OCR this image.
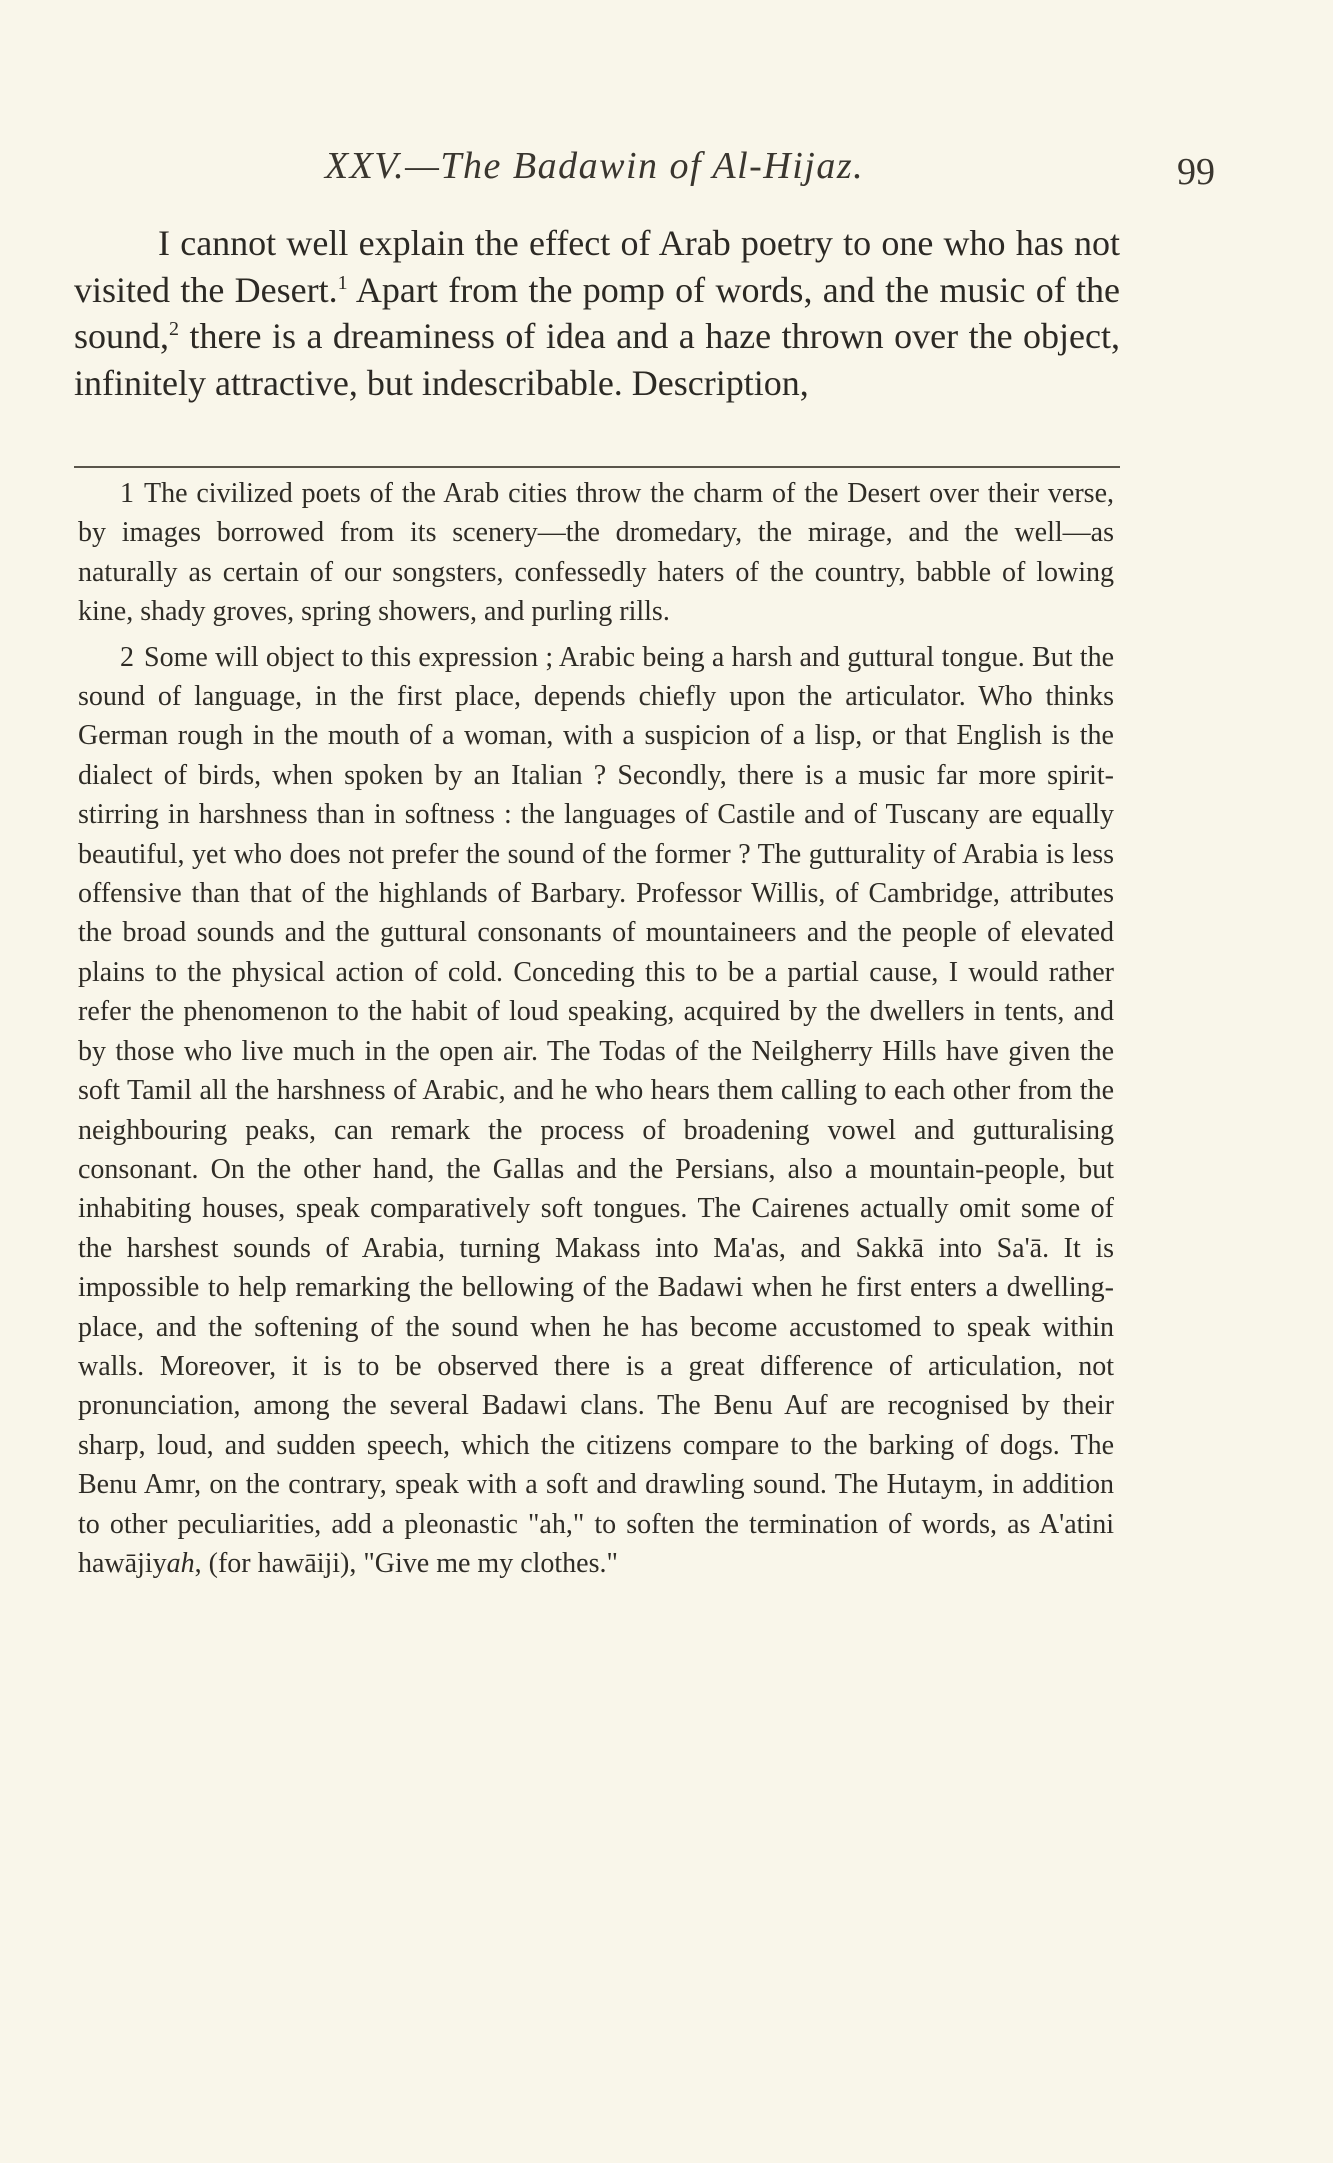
XXV.—The Badawin of Al-Hijaz.	99

I cannot well explain the effect of Arab poetry to one who has not visited the Desert.$^1$ Apart from the pomp of words, and the music of the sound,$^2$ there is a dreaminess of idea and a haze thrown over the object, infinitely attractive, but indescribable. Description,

1 The civilized poets of the Arab cities throw the charm of the Desert over their verse, by images borrowed from its scenery—the dromedary, the mirage, and the well—as naturally as certain of our songsters, confessedly haters of the country, babble of lowing kine, shady groves, spring showers, and purling rills.

2 Some will object to this expression ; Arabic being a harsh and guttural tongue. But the sound of language, in the first place, depends chiefly upon the articulator. Who thinks German rough in the mouth of a woman, with a suspicion of a lisp, or that English is the dialect of birds, when spoken by an Italian ? Secondly, there is a music far more spirit-stirring in harshness than in softness : the languages of Castile and of Tuscany are equally beautiful, yet who does not prefer the sound of the former ? The gutturality of Arabia is less offensive than that of the highlands of Barbary. Professor Willis, of Cambridge, attributes the broad sounds and the guttural consonants of mountaineers and the people of elevated plains to the physical action of cold. Conceding this to be a partial cause, I would rather refer the phenomenon to the habit of loud speaking, acquired by the dwellers in tents, and by those who live much in the open air. The Todas of the Neilgherry Hills have given the soft Tamil all the harshness of Arabic, and he who hears them calling to each other from the neighbouring peaks, can remark the process of broadening vowel and gutturalising consonant. On the other hand, the Gallas and the Persians, also a mountain-people, but inhabiting houses, speak comparatively soft tongues. The Cairenes actually omit some of the harshest sounds of Arabia, turning Makass into Ma'as, and Sakkā into Sa'ā. It is impossible to help remarking the bellowing of the Badawi when he first enters a dwelling-place, and the softening of the sound when he has become accustomed to speak within walls. Moreover, it is to be observed there is a great difference of articulation, not pronunciation, among the several Badawi clans. The Benu Auf are recognised by their sharp, loud, and sudden speech, which the citizens compare to the barking of dogs. The Benu Amr, on the contrary, speak with a soft and drawling sound. The Hutaym, in addition to other peculiarities, add a pleonastic "ah," to soften the termination of words, as A'atini hawājiyah, (for hawāiji), "Give me my clothes."
